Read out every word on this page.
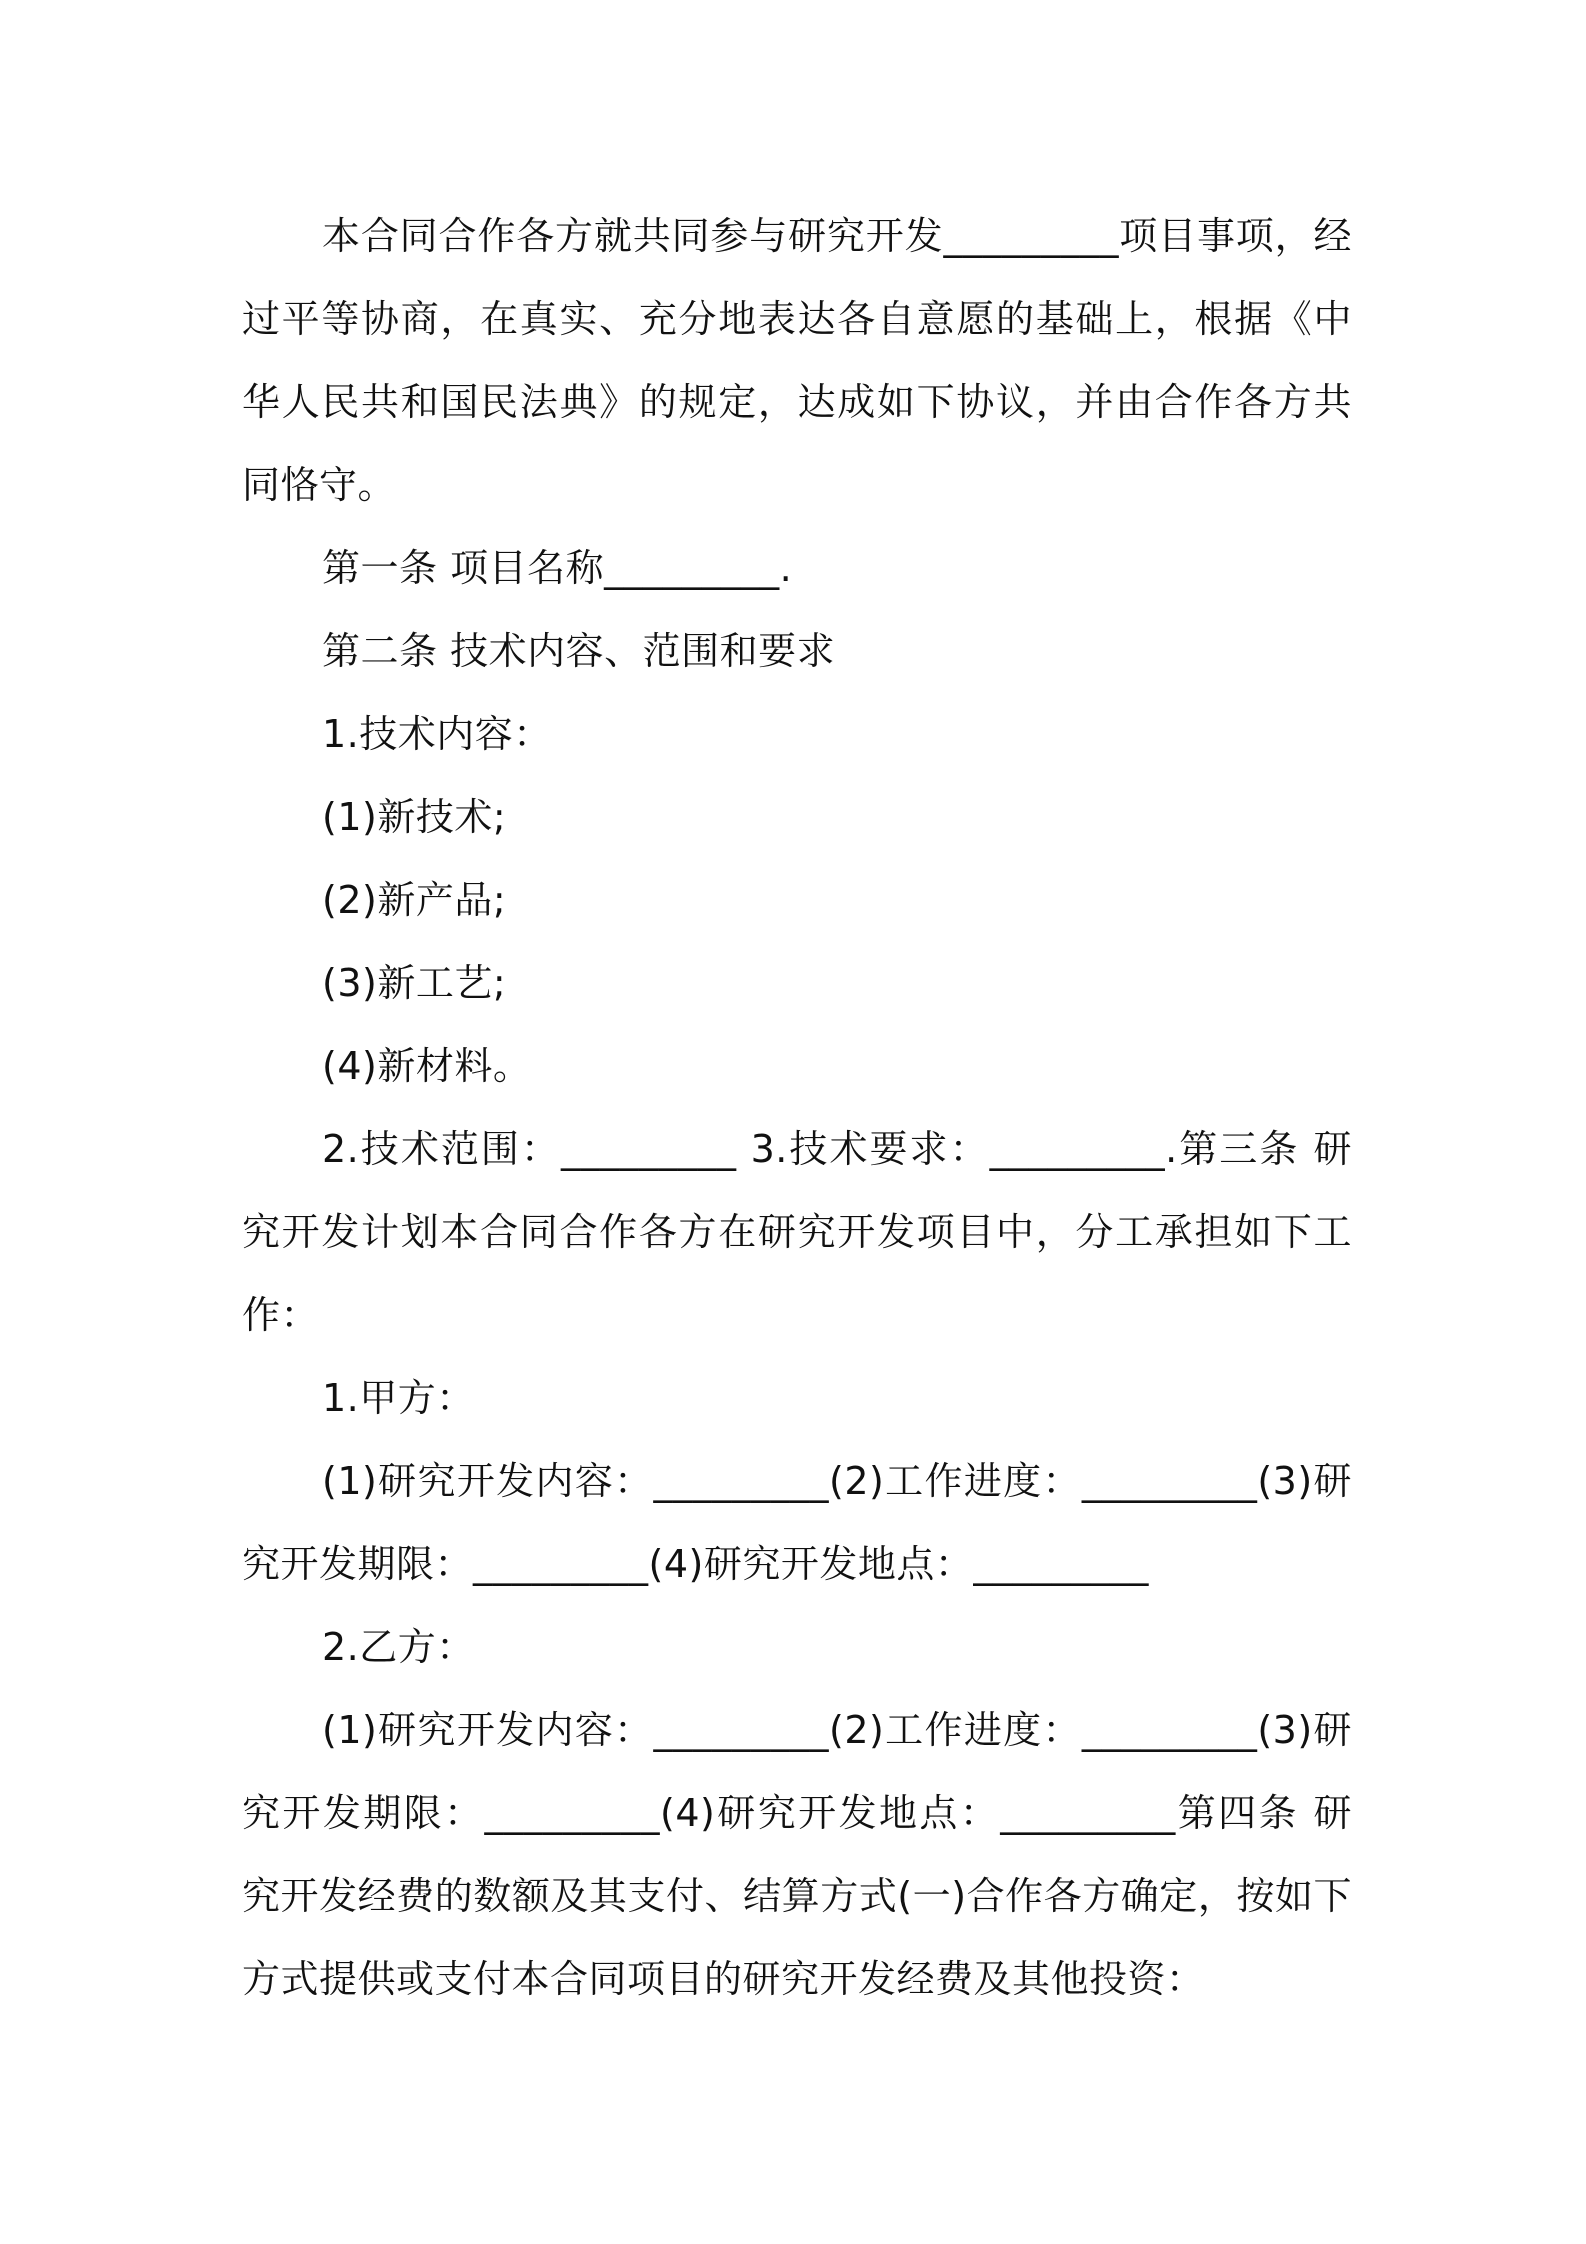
本合同合作各方就共同参与研究开发_________项目事项，经过平等协商，在真实、充分地表达各自意愿的基础上，根据《中华人民共和国民法典》的规定，达成如下协议，并由合作各方共同恪守。

第一条 项目名称_________.

第二条 技术内容、范围和要求

1.技术内容：

(1)新技术;

(2)新产品;

(3)新工艺;

(4)新材料。

2.技术范围：_________ 3.技术要求：_________.第三条 研究开发计划本合同合作各方在研究开发项目中，分工承担如下工作：

1.甲方：

(1)研究开发内容：_________(2)工作进度：_________(3)研究开发期限：_________(4)研究开发地点：_________

2.乙方：

(1)研究开发内容：_________(2)工作进度：_________(3)研究开发期限：_________(4)研究开发地点：_________第四条 研究开发经费的数额及其支付、结算方式(一)合作各方确定，按如下方式提供或支付本合同项目的研究开发经费及其他投资：
